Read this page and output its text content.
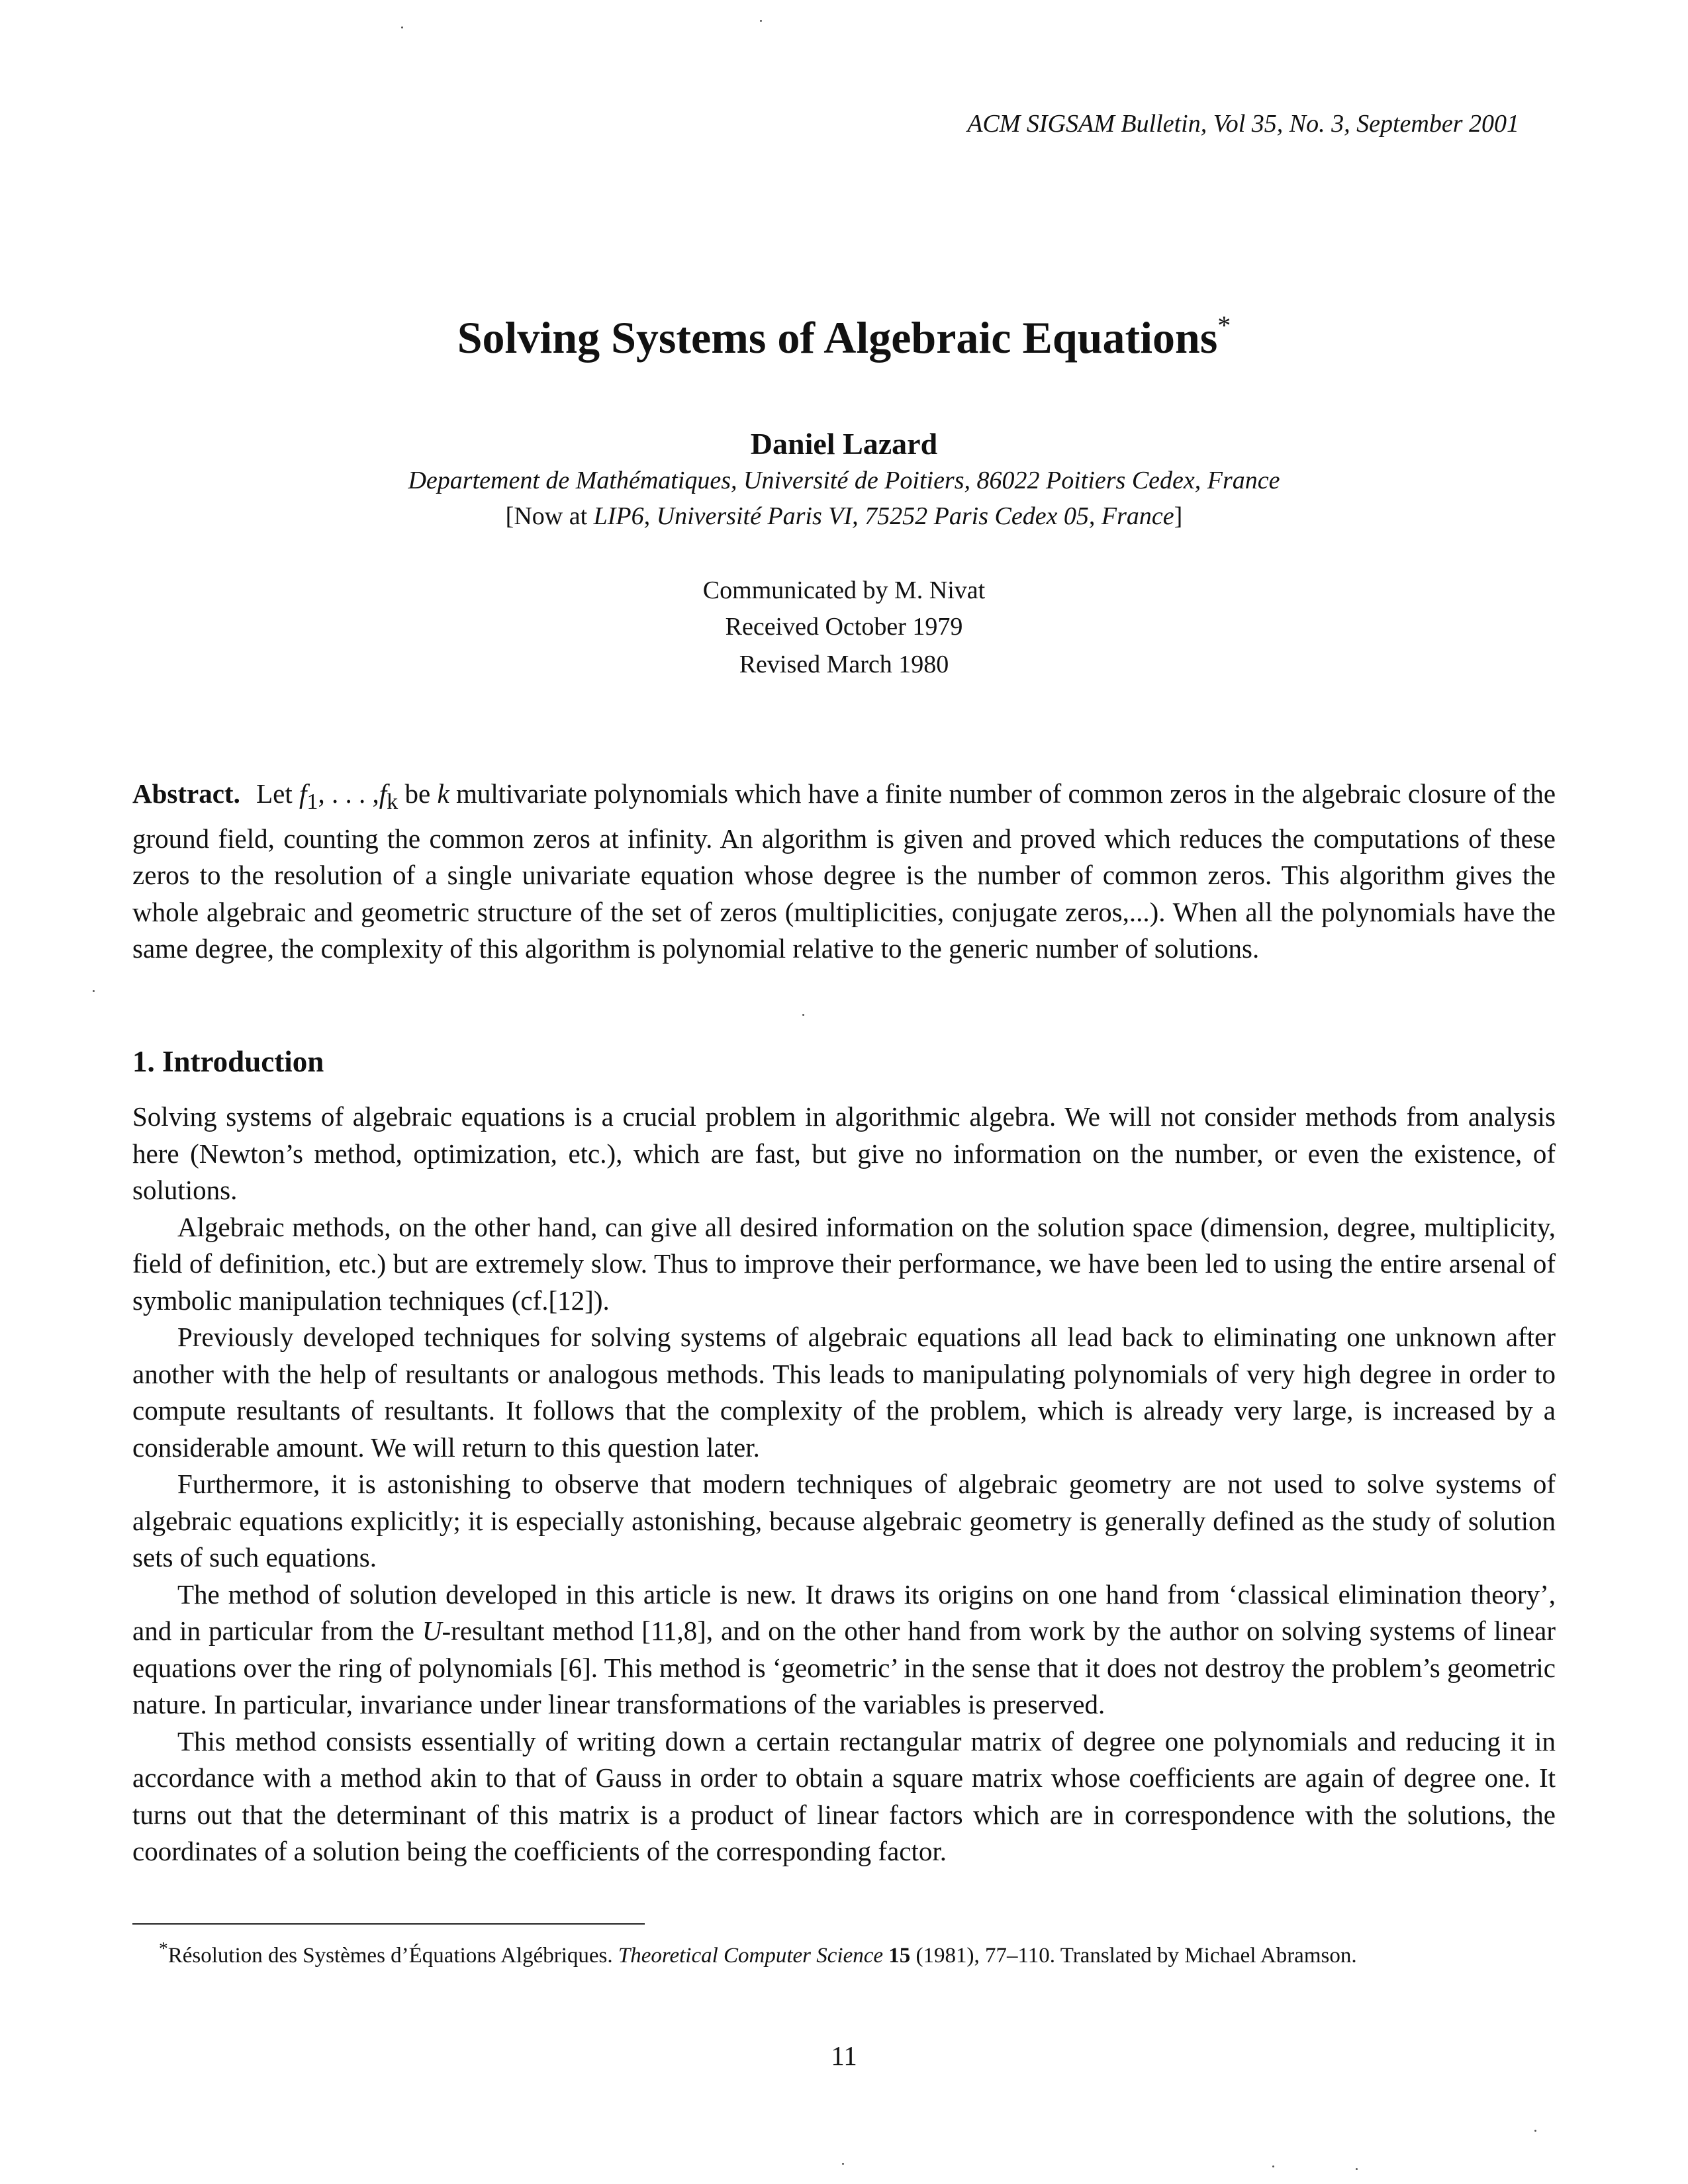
ACM SIGSAM Bulletin, Vol 35, No. 3, September 2001
Solving Systems of Algebraic Equations*
Daniel Lazard
Departement de Mathématiques, Université de Poitiers, 86022 Poitiers Cedex, France
[Now at LIP6, Université Paris VI, 75252 Paris Cedex 05, France]
Communicated by M. Nivat
Received October 1979
Revised March 1980
Abstract. Let $f_1$, . . . $,f_k$ be k multivariate polynomials which have a finite number of common zeros in the algebraic closure of the ground field, counting the common zeros at infinity. An algorithm is given and proved which reduces the computations of these zeros to the resolution of a single univariate equation whose degree is the number of common zeros. This algorithm gives the whole algebraic and geometric structure of the set of zeros (multiplicities, conjugate zeros,...). When all the polynomials have the same degree, the complexity of this algorithm is polynomial relative to the generic number of solutions.
1. Introduction

Solving systems of algebraic equations is a crucial problem in algorithmic algebra. We will not consider methods from analysis here (Newton’s method, optimization, etc.), which are fast, but give no information on the number, or even the existence, of solutions.

Algebraic methods, on the other hand, can give all desired information on the solution space (dimension, degree, multiplicity, field of definition, etc.) but are extremely slow. Thus to improve their performance, we have been led to using the entire arsenal of symbolic manipulation techniques (cf.[12]).

Previously developed techniques for solving systems of algebraic equations all lead back to eliminating one unknown after another with the help of resultants or analogous methods. This leads to manipulating polynomials of very high degree in order to compute resultants of resultants. It follows that the complexity of the problem, which is already very large, is increased by a considerable amount. We will return to this question later.

Furthermore, it is astonishing to observe that modern techniques of algebraic geometry are not used to solve systems of algebraic equations explicitly; it is especially astonishing, because algebraic geometry is generally defined as the study of solution sets of such equations.

The method of solution developed in this article is new. It draws its origins on one hand from ‘classical elimination theory’, and in particular from the U-resultant method [11,8], and on the other hand from work by the author on solving systems of linear equations over the ring of polynomials [6]. This method is ‘geometric’ in the sense that it does not destroy the problem’s geometric nature. In particular, invariance under linear transformations of the variables is preserved.

This method consists essentially of writing down a certain rectangular matrix of degree one polynomials and reducing it in accordance with a method akin to that of Gauss in order to obtain a square matrix whose coefficients are again of degree one. It turns out that the determinant of this matrix is a product of linear factors which are in correspondence with the solutions, the coordinates of a solution being the coefficients of the corresponding factor.

*Résolution des Systèmes d’Équations Algébriques. Theoretical Computer Science 15 (1981), 77–110. Translated by Michael Abramson.
11
